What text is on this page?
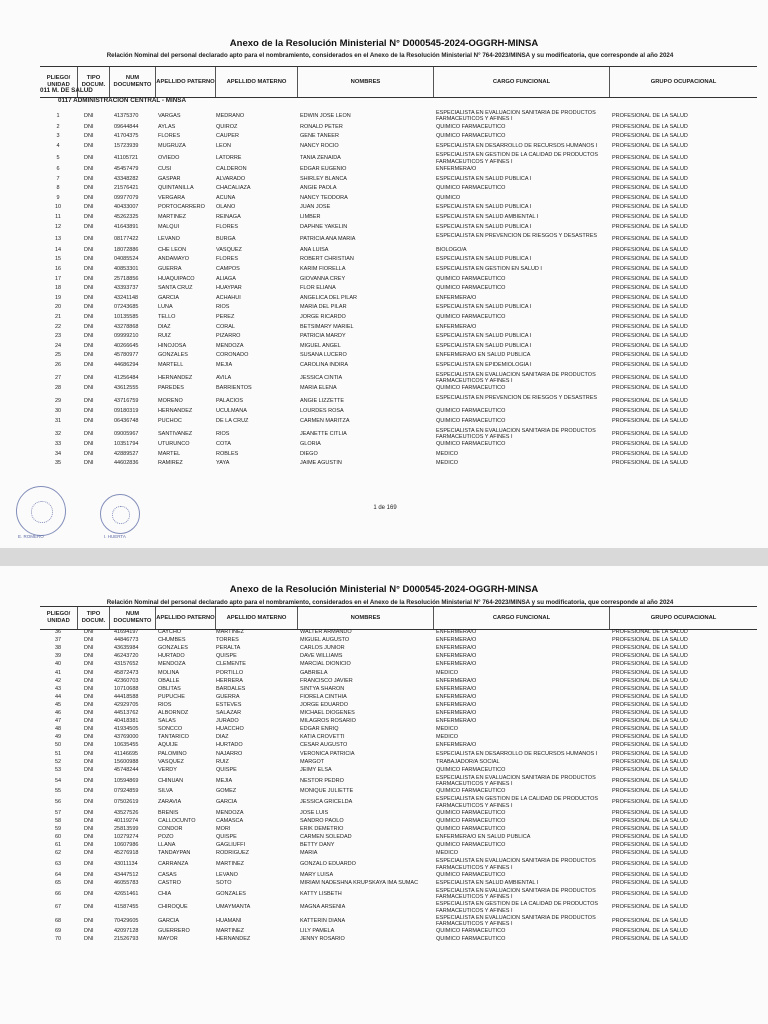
Anexo de la Resolución Ministerial N° D000545-2024-OGGRH-MINSA
Relación Nominal del personal declarado apto para el nombramiento, considerados en el Anexo de la Resolución Ministerial N° 764-2023/MINSA y su modificatoria, que corresponde al año 2024
PLIEGO/ UNIDAD
TIPO DOCUM.
NUM DOCUMENTO
APELLIDO PATERNO	APELLIDO MATERNO	NOMBRES	CARGO FUNCIONAL	GRUPO OCUPACIONAL
011 M. DE SALUD
0117 ADMINISTRACION CENTRAL - MINSA
1	DNI	41375370	VARGAS	MEDRANO	EDWIN JOSE LEON	ESPECIALISTA EN EVALUACION SANITARIA DE PRODUCTOS FARMACEUTICOS Y AFINES I
PROFESIONAL DE LA SALUD
2	DNI	09644844	AYLAS	QUIROZ	RONALD PETER	QUIMICO FARMACEUTICO	PROFESIONAL DE LA SALUD
3	DNI	41704375	FLORES	CAUPER	GENE TANEER	QUIMICO FARMACEUTICO	PROFESIONAL DE LA SALUD
4	DNI	15723939	MUGRUZA	LEON	NANCY ROCIO	ESPECIALISTA EN DESARROLLO DE RECURSOS HUMANOS I	PROFESIONAL DE LA SALUD
5	DNI	41105721	OVIEDO	LATORRE	TANIA ZENAIDA	ESPECIALISTA EN GESTION DE LA CALIDAD DE PRODUCTOS FARMACEUTICOS Y AFINES I
PROFESIONAL DE LA SALUD
6	DNI	45457479	CUSI	CALDERON	EDGAR EUGENIO	ENFERMERA/O	PROFESIONAL DE LA SALUD
7	DNI	43348282	GASPAR	ALVARADO	SHIRLEY BLANCA	ESPECIALISTA EN SALUD PUBLICA I	PROFESIONAL DE LA SALUD
8	DNI	21576421	QUINTANILLA	CHACALIAZA	ANGIE PAOLA	QUIMICO FARMACEUTICO	PROFESIONAL DE LA SALUD
9	DNI	09977079	VERGARA	ACUÑA	NANCY TEODORA	QUIMICO	PROFESIONAL DE LA SALUD
10	DNI	40433007	PORTOCARRERO	OLANO	JUAN JOSE	ESPECIALISTA EN SALUD PUBLICA I	PROFESIONAL DE LA SALUD
11	DNI	45262325	MARTINEZ	REINAGA	LIMBER	ESPECIALISTA EN SALUD AMBIENTAL I	PROFESIONAL DE LA SALUD
12	DNI	41643891	MALQUI	FLORES	DAPHNE YAKELIN	ESPECIALISTA EN SALUD PUBLICA I	PROFESIONAL DE LA SALUD
13	DNI	08177422	LEVANO	BURGA	PATRICIA ANA MARIA	ESPECIALISTA EN PREVENCION DE RIESGOS Y DESASTRES	PROFESIONAL DE LA SALUD
14	DNI	18072886	CHE LEON	VASQUEZ	ANA LUISA	BIOLOGO/A	PROFESIONAL DE LA SALUD
15	DNI	04085524	ANDAMAYO	FLORES	ROBERT CHRISTIAN	ESPECIALISTA EN SALUD PUBLICA I	PROFESIONAL DE LA SALUD
16	DNI	40853301	GUERRA	CAMPOS	KARIM FIORELLA	ESPECIALISTA EN GESTION EN SALUD I	PROFESIONAL DE LA SALUD
17	DNI	25718856	HUAQUIPACO	ALIAGA	GIOVANNA CREY	QUIMICO FARMACEUTICO	PROFESIONAL DE LA SALUD
18	DNI	43393737	SANTA CRUZ	HUAYPAR	FLOR ELIANA	QUIMICO FARMACEUTICO	PROFESIONAL DE LA SALUD
19	DNI	43241148	GARCIA	ACHAHUI	ANGELICA DEL PILAR	ENFERMERA/O	PROFESIONAL DE LA SALUD
20	DNI	07243685	LUNA	RIOS	MARIA DEL PILAR	ESPECIALISTA EN SALUD PUBLICA I	PROFESIONAL DE LA SALUD
21	DNI	10135585	TELLO	PEREZ	JORGE RICARDO	QUIMICO FARMACEUTICO	PROFESIONAL DE LA SALUD
22	DNI	43278868	DIAZ	CORAL	BETSIMARY MARIEL	ENFERMERA/O	PROFESIONAL DE LA SALUD
23	DNI	09999210	RUIZ	PIZARRO	PATRICIA MARDY	ESPECIALISTA EN SALUD PUBLICA I	PROFESIONAL DE LA SALUD
24	DNI	40266645	HINOJOSA	MENDOZA	MIGUEL ANGEL	ESPECIALISTA EN SALUD PUBLICA I	PROFESIONAL DE LA SALUD
25	DNI	45780977	GONZALES	CORONADO	SUSANA LUCERO	ENFERMERA/O EN SALUD PUBLICA	PROFESIONAL DE LA SALUD
26	DNI	44686294	MARTELL	MEJIA	CAROLINA INDIRA	ESPECIALISTA EN EPIDEMIOLOGIA I	PROFESIONAL DE LA SALUD
27	DNI	41256484	HERNANDEZ	AVILA	JESSICA CINTIA	ESPECIALISTA EN EVALUACION SANITARIA DE PRODUCTOS FARMACEUTICOS Y AFINES I
PROFESIONAL DE LA SALUD
28	DNI	43612555	PAREDES	BARRIENTOS	MARIA ELENA	QUIMICO FARMACEUTICO	PROFESIONAL DE LA SALUD
29	DNI	43716759	MORENO	PALACIOS	ANGIE LIZZETTE	ESPECIALISTA EN PREVENCION DE RIESGOS Y DESASTRES	PROFESIONAL DE LA SALUD
30	DNI	09180319	HERNANDEZ	UCULMANA	LOURDES ROSA	QUIMICO FARMACEUTICO	PROFESIONAL DE LA SALUD
31	DNI	06436748	PUCHOC	DE LA CRUZ	CARMEN MARITZA	QUIMICO FARMACEUTICO	PROFESIONAL DE LA SALUD
32	DNI	09005967	SANTIVAÑEZ	RIOS	JEANETTE CITLIA	ESPECIALISTA EN EVALUACION SANITARIA DE PRODUCTOS FARMACEUTICOS Y AFINES I
PROFESIONAL DE LA SALUD
33	DNI	10351794	UTURUNCO	COTA	GLORIA	QUIMICO FARMACEUTICO	PROFESIONAL DE LA SALUD
34	DNI	42889527	MARTEL	ROBLES	DIEGO	MEDICO	PROFESIONAL DE LA SALUD
35	DNI	44602836	RAMIREZ	YAYA	JAIME AGUSTIN	MEDICO	PROFESIONAL DE LA SALUD
1 de 169
E. ROMERO	I. HUERTA
Anexo de la Resolución Ministerial N° D000545-2024-OGGRH-MINSA
Relación Nominal del personal declarado apto para el nombramiento, considerados en el Anexo de la Resolución Ministerial N° 764-2023/MINSA y su modificatoria, que corresponde al año 2024
PLIEGO/ UNIDAD
TIPO DOCUM.
NUM DOCUMENTO
APELLIDO PATERNO	APELLIDO MATERNO	NOMBRES	CARGO FUNCIONAL	GRUPO OCUPACIONAL
36	DNI	41694197	CAYCHO	MARTINEZ	WALTER ARMANDO	ENFERMERA/O	PROFESIONAL DE LA SALUD
37	DNI	44846773	CHUMBES	TORRES	MIGUEL AUGUSTO	ENFERMERA/O	PROFESIONAL DE LA SALUD
38	DNI	43635984	GONZALES	PERALTA	CARLOS JUNIOR	ENFERMERA/O	PROFESIONAL DE LA SALUD
39	DNI	46243720	HURTADO	QUISPE	DAVE WILLIAMS	ENFERMERA/O	PROFESIONAL DE LA SALUD
40	DNI	43157652	MENDOZA	CLEMENTE	MARCIAL DIONICIO	ENFERMERA/O	PROFESIONAL DE LA SALUD
41	DNI	45872473	MOLINA	PORTILLO	GABRIELA	MEDICO	PROFESIONAL DE LA SALUD
42	DNI	42360703	OBALLE	HERRERA	FRANCISCO JAVIER	ENFERMERA/O	PROFESIONAL DE LA SALUD
43	DNI	10710688	OBLITAS	BARDALES	SINTYA SHARON	ENFERMERA/O	PROFESIONAL DE LA SALUD
44	DNI	44418588	PUPUCHE	GUERRA	FIORELA CINTHIA	ENFERMERA/O	PROFESIONAL DE LA SALUD
45	DNI	42929705	RIOS	ESTEVES	JORGE EDUARDO	ENFERMERA/O	PROFESIONAL DE LA SALUD
46	DNI	44513762	ALBORNOZ	SALAZAR	MICHAEL DIOGENES	ENFERMERA/O	PROFESIONAL DE LA SALUD
47	DNI	40418381	SALAS	JURADO	MILAGROS ROSARIO	ENFERMERA/O	PROFESIONAL DE LA SALUD
48	DNI	41934505	SONCCO	HUACCHO	EDGAR ENRIQ	MEDICO	PROFESIONAL DE LA SALUD
49	DNI	43769000	TANTARICO	DIAZ	KATIA CROVETTI	MEDICO	PROFESIONAL DE LA SALUD
50	DNI	10635455	AQUIJE	HURTADO	CESAR AUGUSTO	ENFERMERA/O	PROFESIONAL DE LA SALUD
51	DNI	41146695	PALOMINO	NAJARRO	VERONICA PATRICIA	ESPECIALISTA EN DESARROLLO DE RECURSOS HUMANOS I	PROFESIONAL DE LA SALUD
52	DNI	15600988	VASQUEZ	RUIZ	MARGOT	TRABAJADOR/A SOCIAL	PROFESIONAL DE LA SALUD
53	DNI	45748244	VERDY	QUISPE	JEIMY ELSA	QUIMICO FARMACEUTICO	PROFESIONAL DE LA SALUD
54	DNI	10594869	CHINUAN	MEJIA	NESTOR PEDRO	ESPECIALISTA EN EVALUACION SANITARIA DE PRODUCTOS FARMACEUTICOS Y AFINES I
PROFESIONAL DE LA SALUD
55	DNI	07924859	SILVA	GOMEZ	MONIQUE JULIETTE	QUIMICO FARMACEUTICO	PROFESIONAL DE LA SALUD
56	DNI	07502619	ZARAVIA	GARCIA	JESSICA GRICELDA	ESPECIALISTA EN GESTION DE LA CALIDAD DE PRODUCTOS FARMACEUTICOS Y AFINES I
PROFESIONAL DE LA SALUD
57	DNI	43527526	BRENIS	MENDOZA	JOSE LUIS	QUIMICO FARMACEUTICO	PROFESIONAL DE LA SALUD
58	DNI	40119274	CALLOCUNTO	CAMASCA	SANDRO PAOLO	QUIMICO FARMACEUTICO	PROFESIONAL DE LA SALUD
59	DNI	25813599	CONDOR	MORI	ERIK DEMETRIO	QUIMICO FARMACEUTICO	PROFESIONAL DE LA SALUD
60	DNI	10279274	POZO	QUISPE	CARMEN SOLEDAD	ENFERMERA/O EN SALUD PUBLICA	PROFESIONAL DE LA SALUD
61	DNI	10607986	LLANA	GAGLIUFFI	BETTY DANY	QUIMICO FARMACEUTICO	PROFESIONAL DE LA SALUD
62	DNI	45276918	TANDAYPAN	RODRIGUEZ	MARIA	MEDICO	PROFESIONAL DE LA SALUD
63	DNI	43011134	CARRANZA	MARTINEZ	GONZALO EDUARDO	ESPECIALISTA EN EVALUACION SANITARIA DE PRODUCTOS FARMACEUTICOS Y AFINES I
PROFESIONAL DE LA SALUD
64	DNI	43447512	CASAS	LEVANO	MARY LUISA	QUIMICO FARMACEUTICO	PROFESIONAL DE LA SALUD
65	DNI	46055783	CASTRO	SOTO	MIRIAM NADESHNA KRUPSKAYA IMA SUMAC	ESPECIALISTA EN SALUD AMBIENTAL I	PROFESIONAL DE LA SALUD
66	DNI	42651461	CHIA	GONZALES	KATTY LISBETH	ESPECIALISTA EN EVALUACION SANITARIA DE PRODUCTOS FARMACEUTICOS Y AFINES I
PROFESIONAL DE LA SALUD
67	DNI	41587455	CHIROQUE	UMAYMANTA	MAGNA ARSENIA	ESPECIALISTA EN GESTION DE LA CALIDAD DE PRODUCTOS FARMACEUTICOS Y AFINES I
PROFESIONAL DE LA SALUD
68	DNI	70429605	GARCIA	HUAMANI	KATTERIN DIANA	ESPECIALISTA EN EVALUACION SANITARIA DE PRODUCTOS FARMACEUTICOS Y AFINES I
PROFESIONAL DE LA SALUD
69	DNI	42097128	GUERRERO	MARTINEZ	LILY PAMELA	QUIMICO FARMACEUTICO	PROFESIONAL DE LA SALUD
70	DNI	21526793	MAYOR	HERNANDEZ	JENNY ROSARIO	QUIMICO FARMACEUTICO	PROFESIONAL DE LA SALUD
